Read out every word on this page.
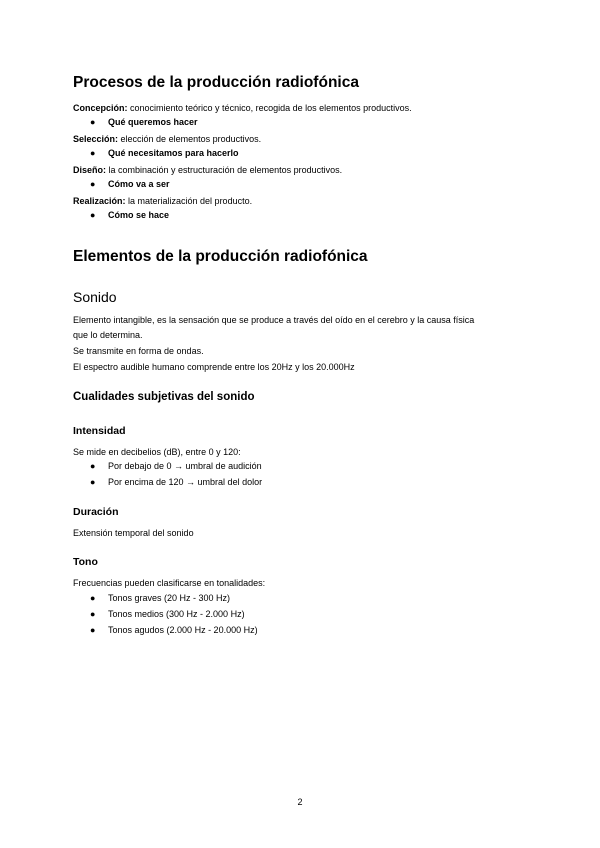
Procesos de la producción radiofónica
Concepción: conocimiento teórico y técnico, recogida de los elementos productivos.
● Qué queremos hacer
Selección: elección de elementos productivos.
● Qué necesitamos para hacerlo
Diseño: la combinación y estructuración de elementos productivos.
● Cómo va a ser
Realización: la materialización del producto.
● Cómo se hace
Elementos de la producción radiofónica
Sonido
Elemento intangible, es la sensación que se produce a través del oído en el cerebro y la causa física
que lo determina.
Se transmite en forma de ondas.
El espectro audible humano comprende entre los 20Hz y los 20.000Hz
Cualidades subjetivas del sonido
Intensidad
Se mide en decibelios (dB), entre 0 y 120:
● Por debajo de 0 → umbral de audición
● Por encima de 120 → umbral del dolor
Duración
Extensión temporal del sonido
Tono
Frecuencias pueden clasificarse en tonalidades:
● Tonos graves (20 Hz - 300 Hz)
● Tonos medios (300 Hz - 2.000 Hz)
● Tonos agudos (2.000 Hz - 20.000 Hz)
2
